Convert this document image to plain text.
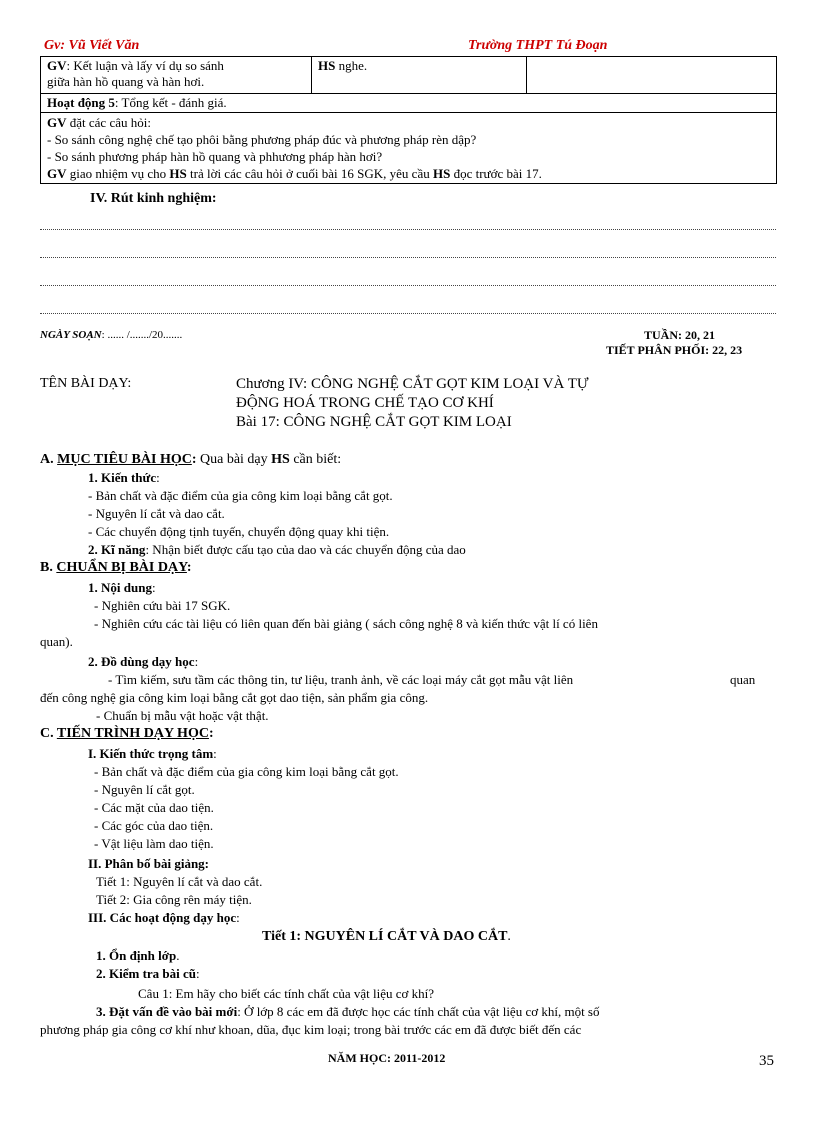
Gv: Vũ Viết Văn	Trường THPT Tú Đoạn
GV: Kết luận và lấy ví dụ so sánh
giữa hàn hồ quang và hàn hơi.	HS nghe.	
Hoạt động 5: Tổng kết - đánh giá.
GV đặt các câu hỏi:
- So sánh công nghệ chế tạo phôi bằng phương pháp đúc và phương pháp rèn dập?
- So sánh phương pháp hàn hồ quang và phhương pháp hàn hơi?
GV giao nhiệm vụ cho HS trả lời các câu hỏi ở cuối bài 16 SGK, yêu cầu HS đọc trước bài 17.
IV. Rút kinh nghiệm:
NGÀY SOẠN: ...... /......./20.......	TUẦN: 20, 21
TIẾT PHÂN PHỐI: 22, 23
TÊN BÀI DẠY:	Chương IV: CÔNG NGHỆ CẮT GỌT KIM LOẠI VÀ TỰ
ĐỘNG HOÁ TRONG CHẾ TẠO CƠ KHÍ
Bài 17: CÔNG NGHỆ CẮT GỌT KIM LOẠI
A. MỤC TIÊU BÀI HỌC: Qua bài dạy HS cần biết:
1. Kiến thức:
- Bản chất và đặc điểm của gia công kim loại bằng cắt gọt.
- Nguyên lí cắt và dao cắt.
- Các chuyển động tịnh tuyến, chuyển động quay khi tiện.
2. Kĩ năng: Nhận biết được cấu tạo của dao và các chuyển động của dao
B. CHUẨN BỊ BÀI DẠY:
1. Nội dung:
- Nghiên cứu bài 17 SGK.
- Nghiên cứu các tài liệu có liên quan đến bài giảng ( sách công nghệ 8 và kiến thức vật lí có liên
quan).
2. Đồ dùng dạy học:
- Tìm kiếm, sưu tầm các thông tin, tư liệu, tranh ảnh, về các loại máy cắt gọt mẫu vật liên	quan
đến công nghệ gia công kim loại bằng cắt gọt dao tiện, sản phẩm gia công.
- Chuẩn bị mẫu vật hoặc vật thật.
C. TIẾN TRÌNH DẠY HỌC:
I. Kiến thức trọng tâm:
- Bản chất và đặc điểm của gia công kim loại bằng cắt gọt.
- Nguyên lí cắt gọt.
- Các mặt của dao tiện.
- Các góc của dao tiện.
- Vật liệu làm dao tiện.
II. Phân bố bài giảng:
Tiết 1: Nguyên lí cắt và dao cắt.
Tiết 2: Gia công rên máy tiện.
III. Các hoạt động dạy học:
Tiết 1: NGUYÊN LÍ CẮT VÀ DAO CẮT.
1. Ổn định lớp.
2. Kiểm tra bài cũ:
Câu 1: Em hãy cho biết các tính chất của vật liệu cơ khí?
3. Đặt vấn đề vào bài mới: Ở lớp 8 các em đã được học các tính chất của vật liệu cơ khí, một số
phương pháp gia công cơ khí như khoan, dũa, đục kim loại; trong bài trước các em đã được biết đến các
NĂM HỌC: 2011-2012	35
